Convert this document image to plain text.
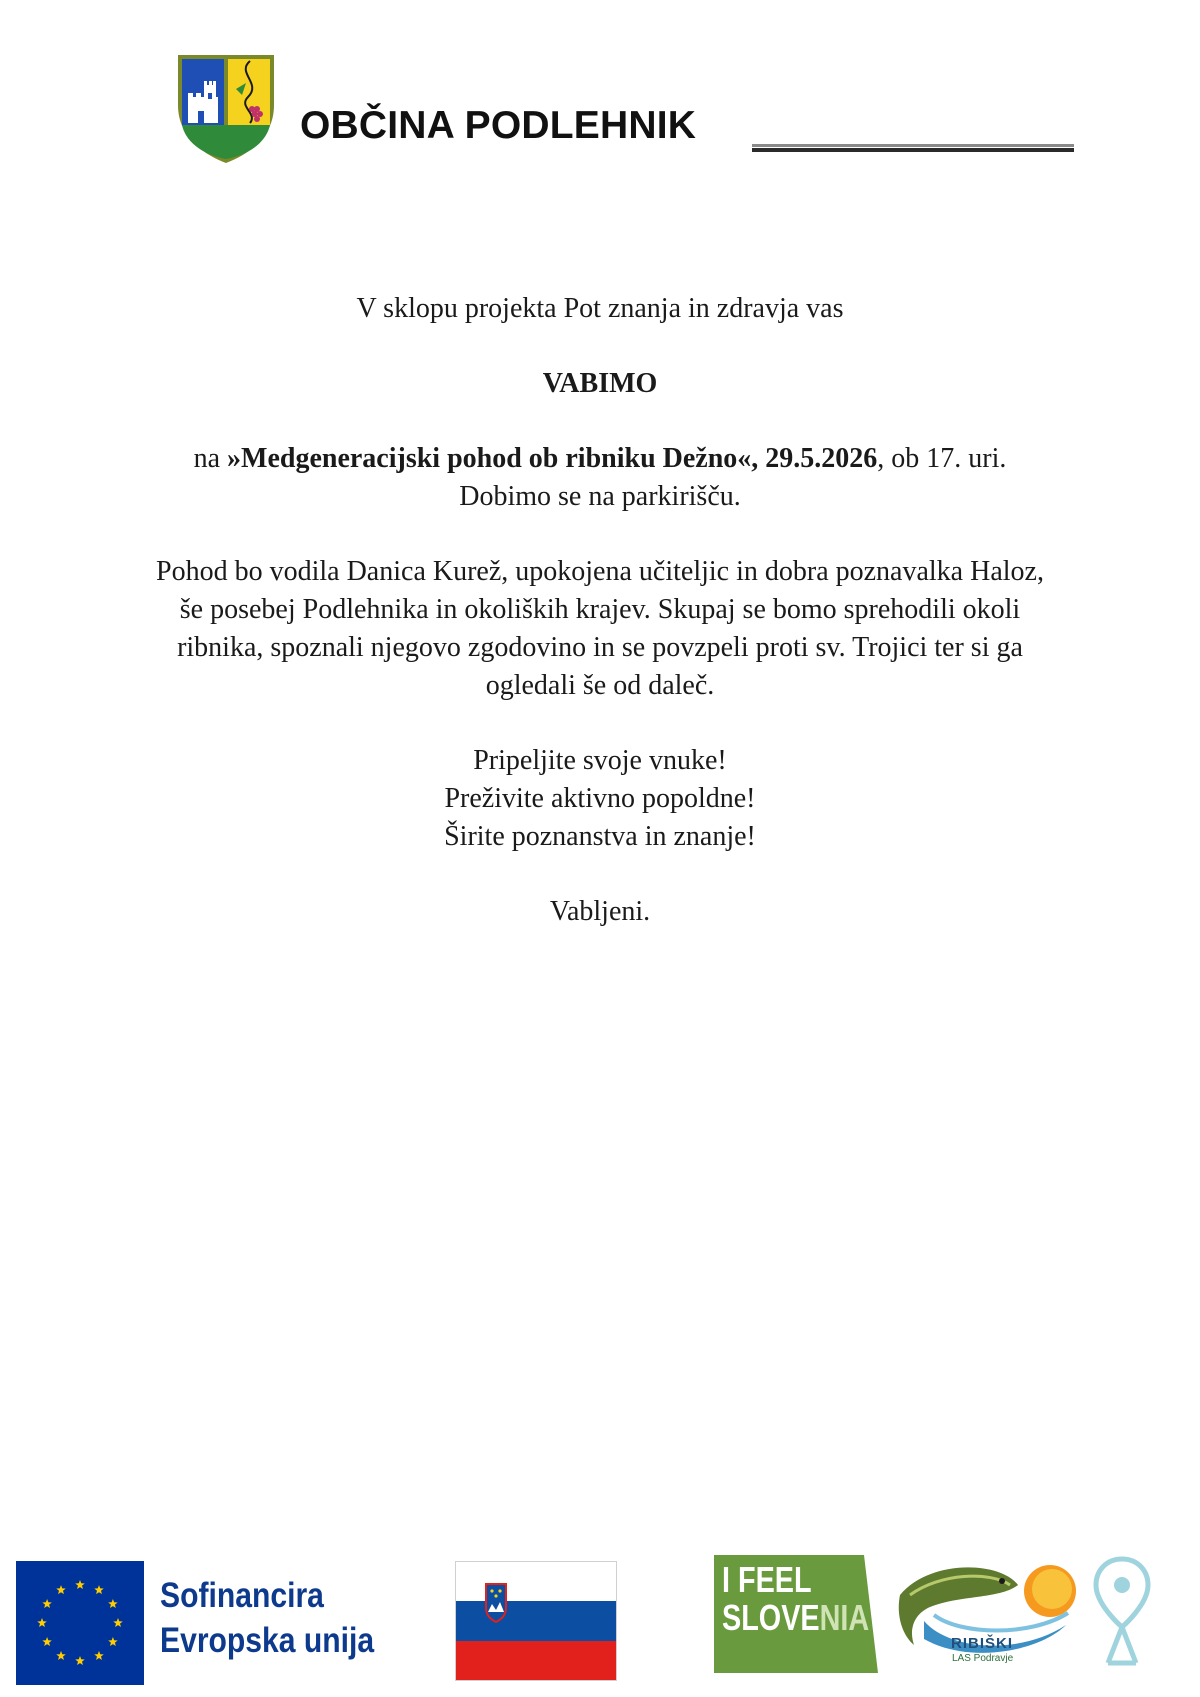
OBČINA PODLEHNIK

V sklopu projekta Pot znanja in zdravja vas

VABIMO

na »Medgeneracijski pohod ob ribniku Dežno«, 29.5.2026, ob 17. uri. Dobimo se na parkirišču.

Pohod bo vodila Danica Kurež, upokojena učiteljic in dobra poznavalka Haloz, še posebej Podlehnika in okoliških krajev. Skupaj se bomo sprehodili okoli ribnika, spoznali njegovo zgodovino in se povzpeli proti sv. Trojici ter si ga ogledali še od daleč.

Pripeljite svoje vnuke!

Preživite aktivno popoldne!

Širite poznanstva in znanje!

Vabljeni.

Sofinancira
Evropska unija
I FEEL
SLOVENIA
RIBIŠKI
LAS Podravje
